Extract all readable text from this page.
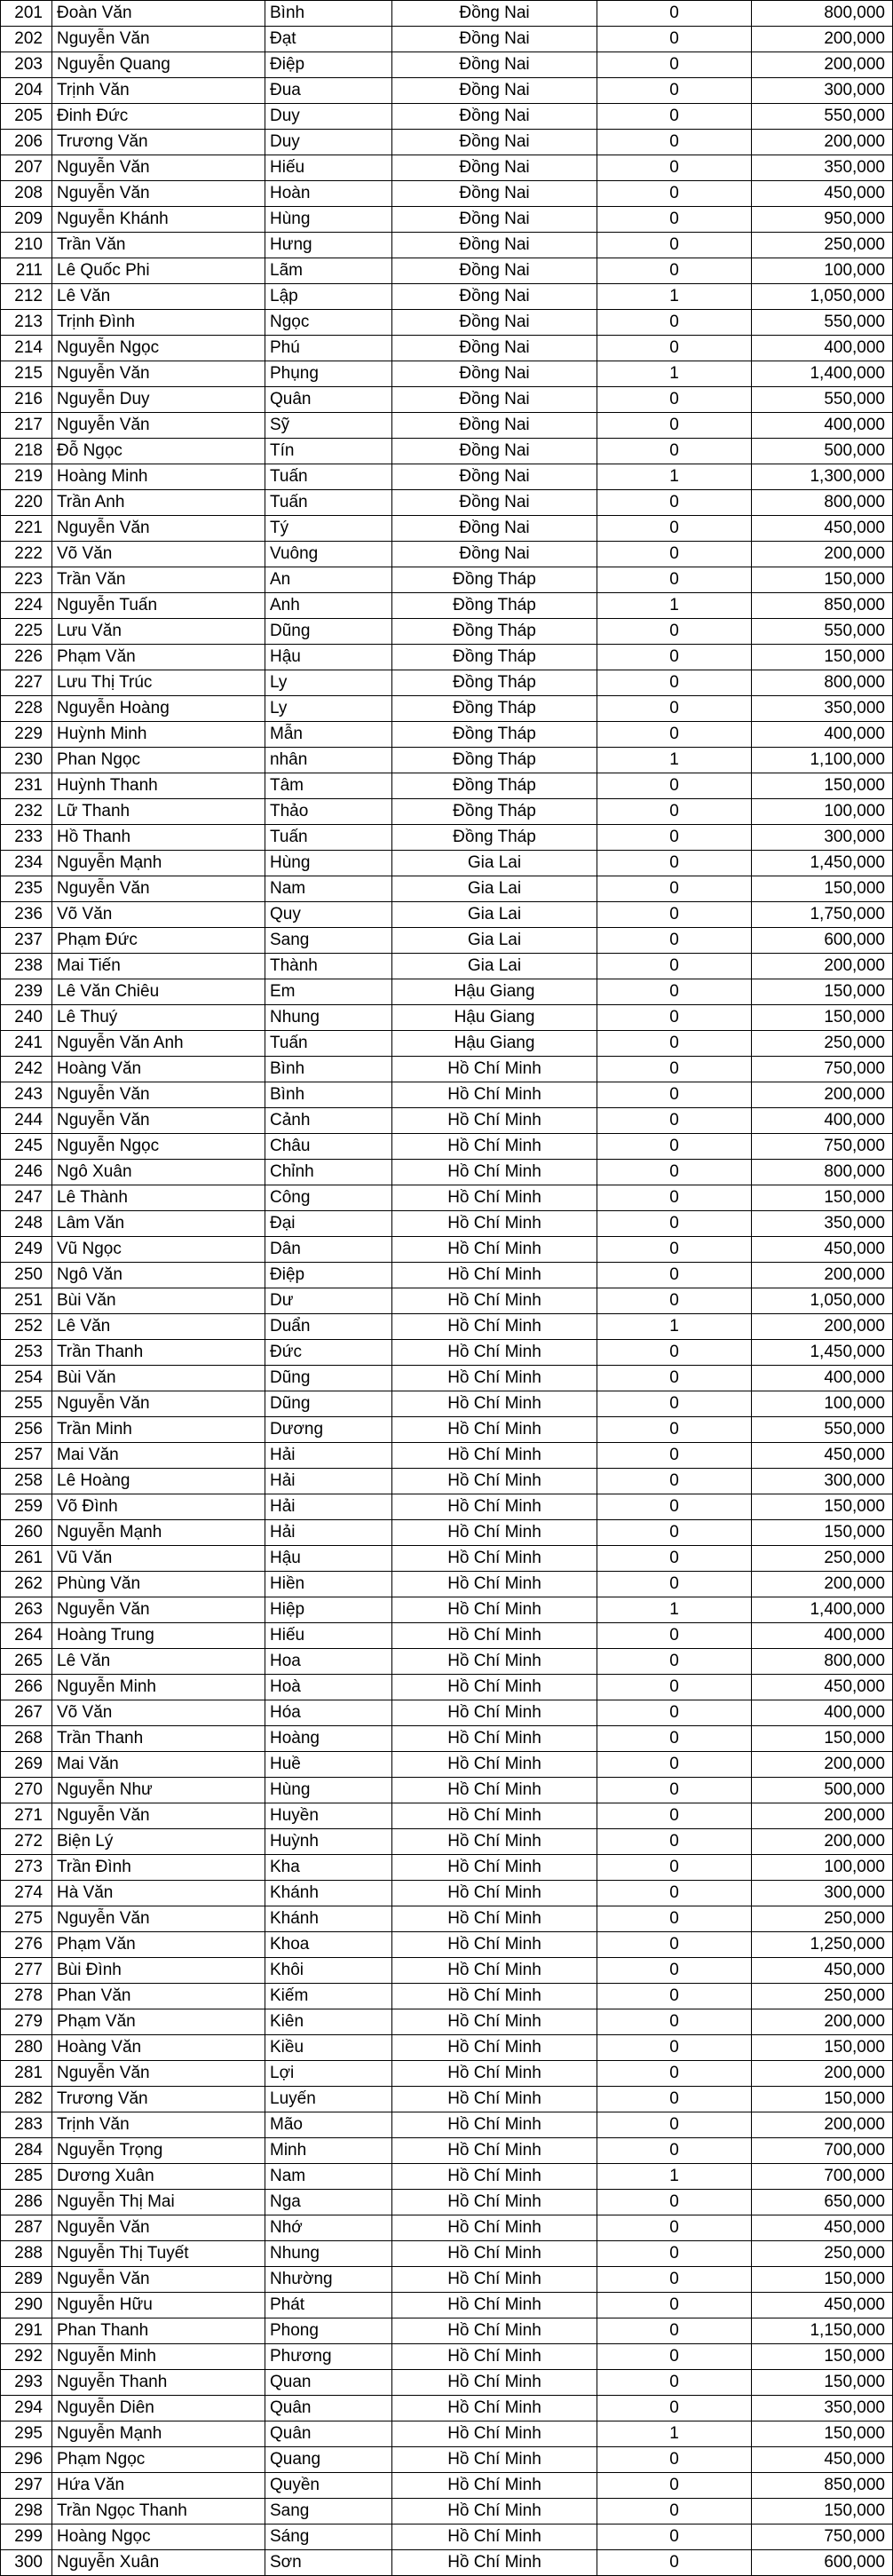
201	Đoàn Văn	Bình	Đồng Nai	0	800,000
202	Nguyễn Văn	Đạt	Đồng Nai	0	200,000
203	Nguyễn Quang	Điệp	Đồng Nai	0	200,000
204	Trịnh Văn	Đua	Đồng Nai	0	300,000
205	Đinh Đức	Duy	Đồng Nai	0	550,000
206	Trương Văn	Duy	Đồng Nai	0	200,000
207	Nguyễn Văn	Hiếu	Đồng Nai	0	350,000
208	Nguyễn Văn	Hoàn	Đồng Nai	0	450,000
209	Nguyễn Khánh	Hùng	Đồng Nai	0	950,000
210	Trần Văn	Hưng	Đồng Nai	0	250,000
211	Lê Quốc Phi	Lãm	Đồng Nai	0	100,000
212	Lê Văn	Lập	Đồng Nai	1	1,050,000
213	Trịnh Đình	Ngọc	Đồng Nai	0	550,000
214	Nguyễn Ngọc	Phú	Đồng Nai	0	400,000
215	Nguyễn Văn	Phụng	Đồng Nai	1	1,400,000
216	Nguyễn Duy	Quân	Đồng Nai	0	550,000
217	Nguyễn Văn	Sỹ	Đồng Nai	0	400,000
218	Đỗ Ngọc	Tín	Đồng Nai	0	500,000
219	Hoàng Minh	Tuấn	Đồng Nai	1	1,300,000
220	Trần Anh	Tuấn	Đồng Nai	0	800,000
221	Nguyễn Văn	Tý	Đồng Nai	0	450,000
222	Võ Văn	Vuông	Đồng Nai	0	200,000
223	Trần Văn	An	Đồng Tháp	0	150,000
224	Nguyễn Tuấn	Anh	Đồng Tháp	1	850,000
225	Lưu Văn	Dũng	Đồng Tháp	0	550,000
226	Phạm Văn	Hậu	Đồng Tháp	0	150,000
227	Lưu Thị Trúc	Ly	Đồng Tháp	0	800,000
228	Nguyễn Hoàng	Ly	Đồng Tháp	0	350,000
229	Huỳnh Minh	Mẫn	Đồng Tháp	0	400,000
230	Phan Ngọc	nhân	Đồng Tháp	1	1,100,000
231	Huỳnh Thanh	Tâm	Đồng Tháp	0	150,000
232	Lữ Thanh	Thảo	Đồng Tháp	0	100,000
233	Hồ Thanh	Tuấn	Đồng Tháp	0	300,000
234	Nguyễn Mạnh	Hùng	Gia Lai	0	1,450,000
235	Nguyễn Văn	Nam	Gia Lai	0	150,000
236	Võ Văn	Quy	Gia Lai	0	1,750,000
237	Phạm Đức	Sang	Gia Lai	0	600,000
238	Mai Tiến	Thành	Gia Lai	0	200,000
239	Lê Văn Chiêu	Em	Hậu Giang	0	150,000
240	Lê Thuý	Nhung	Hậu Giang	0	150,000
241	Nguyễn Văn Anh	Tuấn	Hậu Giang	0	250,000
242	Hoàng Văn	Bình	Hồ Chí Minh	0	750,000
243	Nguyễn Văn	Bình	Hồ Chí Minh	0	200,000
244	Nguyễn Văn	Cảnh	Hồ Chí Minh	0	400,000
245	Nguyễn Ngọc	Châu	Hồ Chí Minh	0	750,000
246	Ngô Xuân	Chỉnh	Hồ Chí Minh	0	800,000
247	Lê Thành	Công	Hồ Chí Minh	0	150,000
248	Lâm Văn	Đại	Hồ Chí Minh	0	350,000
249	Vũ Ngọc	Dân	Hồ Chí Minh	0	450,000
250	Ngô Văn	Điệp	Hồ Chí Minh	0	200,000
251	Bùi Văn	Dư	Hồ Chí Minh	0	1,050,000
252	Lê Văn	Duẩn	Hồ Chí Minh	1	200,000
253	Trần Thanh	Đức	Hồ Chí Minh	0	1,450,000
254	Bùi Văn	Dũng	Hồ Chí Minh	0	400,000
255	Nguyễn Văn	Dũng	Hồ Chí Minh	0	100,000
256	Trần Minh	Dương	Hồ Chí Minh	0	550,000
257	Mai Văn	Hải	Hồ Chí Minh	0	450,000
258	Lê Hoàng	Hải	Hồ Chí Minh	0	300,000
259	Võ Đình	Hải	Hồ Chí Minh	0	150,000
260	Nguyễn Mạnh	Hải	Hồ Chí Minh	0	150,000
261	Vũ Văn	Hậu	Hồ Chí Minh	0	250,000
262	Phùng Văn	Hiền	Hồ Chí Minh	0	200,000
263	Nguyễn Văn	Hiệp	Hồ Chí Minh	1	1,400,000
264	Hoàng Trung	Hiếu	Hồ Chí Minh	0	400,000
265	Lê Văn	Hoa	Hồ Chí Minh	0	800,000
266	Nguyễn Minh	Hoà	Hồ Chí Minh	0	450,000
267	Võ Văn	Hóa	Hồ Chí Minh	0	400,000
268	Trần Thanh	Hoàng	Hồ Chí Minh	0	150,000
269	Mai Văn	Huề	Hồ Chí Minh	0	200,000
270	Nguyễn Như	Hùng	Hồ Chí Minh	0	500,000
271	Nguyễn Văn	Huyền	Hồ Chí Minh	0	200,000
272	Biện Lý	Huỳnh	Hồ Chí Minh	0	200,000
273	Trần Đình	Kha	Hồ Chí Minh	0	100,000
274	Hà Văn	Khánh	Hồ Chí Minh	0	300,000
275	Nguyễn Văn	Khánh	Hồ Chí Minh	0	250,000
276	Phạm Văn	Khoa	Hồ Chí Minh	0	1,250,000
277	Bùi Đình	Khôi	Hồ Chí Minh	0	450,000
278	Phan Văn	Kiếm	Hồ Chí Minh	0	250,000
279	Phạm Văn	Kiên	Hồ Chí Minh	0	200,000
280	Hoàng Văn	Kiều	Hồ Chí Minh	0	150,000
281	Nguyễn Văn	Lợi	Hồ Chí Minh	0	200,000
282	Trương Văn	Luyến	Hồ Chí Minh	0	150,000
283	Trịnh Văn	Mão	Hồ Chí Minh	0	200,000
284	Nguyễn Trọng	Minh	Hồ Chí Minh	0	700,000
285	Dương Xuân	Nam	Hồ Chí Minh	1	700,000
286	Nguyễn Thị Mai	Nga	Hồ Chí Minh	0	650,000
287	Nguyễn Văn	Nhớ	Hồ Chí Minh	0	450,000
288	Nguyễn Thị Tuyết	Nhung	Hồ Chí Minh	0	250,000
289	Nguyễn Văn	Nhường	Hồ Chí Minh	0	150,000
290	Nguyễn Hữu	Phát	Hồ Chí Minh	0	450,000
291	Phan Thanh	Phong	Hồ Chí Minh	0	1,150,000
292	Nguyễn Minh	Phương	Hồ Chí Minh	0	150,000
293	Nguyễn Thanh	Quan	Hồ Chí Minh	0	150,000
294	Nguyễn Diên	Quân	Hồ Chí Minh	0	350,000
295	Nguyễn Mạnh	Quân	Hồ Chí Minh	1	150,000
296	Phạm Ngọc	Quang	Hồ Chí Minh	0	450,000
297	Hứa Văn	Quyền	Hồ Chí Minh	0	850,000
298	Trần Ngọc Thanh	Sang	Hồ Chí Minh	0	150,000
299	Hoàng Ngọc	Sáng	Hồ Chí Minh	0	750,000
300	Nguyễn Xuân	Sơn	Hồ Chí Minh	0	600,000
